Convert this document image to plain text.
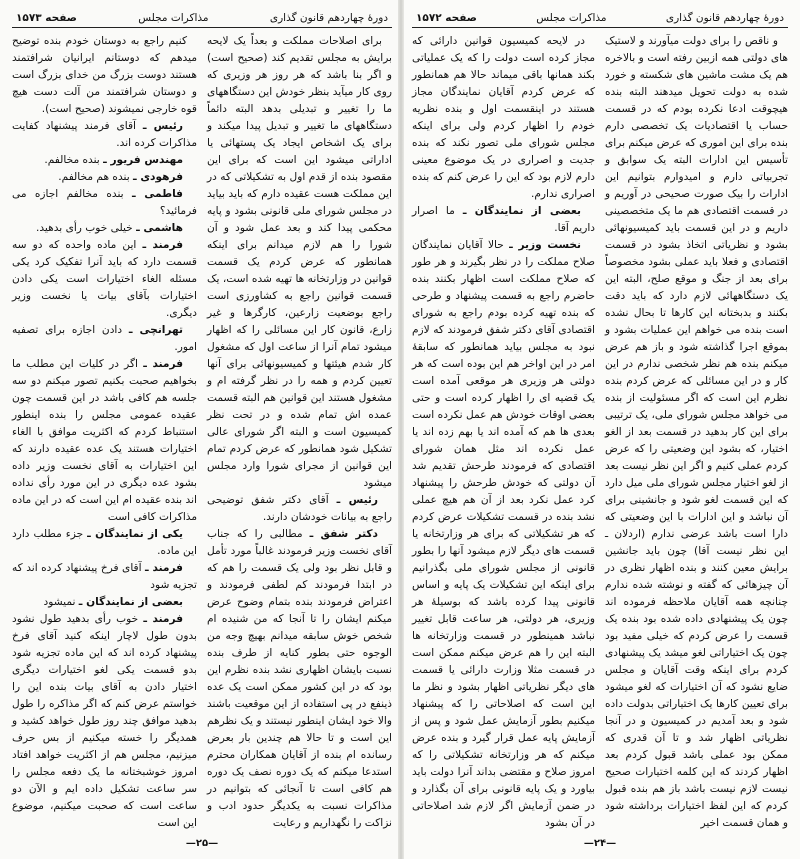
دورهٔ چهاردهم قانون گذاری
مذاکرات مجلس
صفحه ۱۵۷۳

برای اصلاحات مملکت و بعداً یک لایحه برایش به مجلس تقدیم کند (صحیح است) و اگر بنا باشد که هر روز هر وزیری که روی کار میآید بنظر خودش این دستگاههای ما را تغییر و تبدیلی بدهد البته دائماً دستگاههای ما تغییر و تبدیل پیدا میکند و برای یک اشخاص ایجاد یک پستهائی یا اداراتی میشود این است که برای این مقصود بنده از قدم اول به تشکیلاتی که در این مملکت هست عقیده دارم که باید بیاید در مجلس شورای ملی قانونی بشود و پایه محکمی پیدا کند و بعد عمل شود و آن شورا را هم لازم میدانم برای اینکه همانطور که عرض کردم یک قسمت قوانین در وزارتخانه ها تهیه شده است، یک قسمت قوانین راجع به کشاورزی است راجع بوضعیت زارعین، کارگرها و غیر زارع، قانون کار این مسائلی را که اظهار میشود تمام آنرا از ساعت اول که مشغول کار شدم هیئتها و کمیسیونهائی برای آنها تعیین کردم و همه را در نظر گرفته ام و مشغول هستند این قوانین هم البته قسمت عمده اش تمام شده و در تحت نظر کمیسیون است و البته اگر شورای عالی تشکیل شود همانطور که عرض کردم تمام این قوانین از مجرای شورا وارد مجلس میشود

رئیس ـ آقای دکتر شفق توضیحی راجع به بیانات خودشان دارند.

دکتر شفق ـ مطالبی را که جناب آقای نخست وزیر فرمودند غالباً مورد تأمل و قابل نظر بود ولی یک قسمت را هم که در ابتدا فرمودند کم لطفی فرمودند و اعتراض فرمودند بنده بتمام وضوح عرض میکنم ایشان را تا آنجا که من شنیده ام شخص خوش سابقه میدانم بهیچ وجه من الوجوه حتی بطور کنایه از طرف بنده نسبت بایشان اظهاری نشد بنده نظرم این بود که در این کشور ممکن است یک عده ذینفع در پی استفاده از این موقعیت باشند والا خود ایشان اینطور نیستند و یک نظرهم این است و تا حالا هم چندین بار بعرض رسانده ام بنده از آقایان همکاران محترم استدعا میکنم که یک دوره نصف یک دوره هم کافی است تا آنجائی که بتوانیم در مذاکرات نسبت به یکدیگر حدود ادب و نزاکت را نگهداریم و رعایت

کنیم راجع به دوستان خودم بنده توضیح میدهم که دوستانم ایرانیان شرافتمند هستند دوست بزرگ من خدای بزرگ است و دوستان شرافتمند من آلت دست هیچ قوه خارجی نمیشوند (صحیح است).

رئیس ـ آقای فرمند پیشنهاد کفایت مذاکرات کرده اند.

مهندس فریور ـ بنده مخالفم.

فرهودی ـ بنده هم مخالفم.

فاطمی ـ بنده مخالفم اجازه می فرمائید؟

هاشمی ـ خیلی خوب رأی بدهید.

فرمند ـ این ماده واحده که دو سه قسمت دارد که باید آنرا تفکیک کرد یکی مسئله الغاء اختیارات است یکی دادن اختیارات بآقای بیات یا نخست وزیر دیگری.

تهرانچی ـ دادن اجازه برای تصفیه امور.

فرمند ـ اگر در کلیات این مطلب ما بخواهیم صحبت بکنیم تصور میکنم دو سه جلسه هم کافی باشد در این قسمت چون عقیده عمومی مجلس را بنده اینطور استنباط کردم که اکثریت موافق با الغاء اختیارات هستند یک عده عقیده دارند که این اختیارات به آقای نخست وزیر داده بشود عده دیگری در این مورد رأی نداده اند بنده عقیده ام این است که در این ماده مذاکرات کافی است

یکی از نمایندگان ـ جزء مطلب دارد این ماده.

فرمند ـ آقای فرخ پیشنهاد کرده اند که تجزیه شود

بعضی از نمایندگان ـ نمیشود

فرمند ـ خوب رأی بدهید طول نشود بدون طول لاچار اینکه کنید آقای فرخ پیشنهاد کرده اند که این ماده تجزیه شود بدو قسمت یکی لغو اختیارات دیگری اختیار دادن به آقای بیات بنده این را خواستم عرض کنم که اگر مذاکره را طول بدهید موافق چند روز طول خواهد کشید و همدیگر را خسته میکنیم از بس حرف میزنیم، مجلس هم از اکثریت خواهد افتاد امروز خوشبختانه ما یک دفعه مجلس را سر ساعت تشکیل داده ایم و الآن دو ساعت است که صحبت میکنیم، موضوع این است

—۲۵—
دورهٔ چهاردهم قانون گذاری
مذاکرات مجلس
صفحه ۱۵۷۲

و ناقص را برای دولت میآورند و لاستیک های دولتی همه ازبین رفته است و بالاخره هم یک مشت ماشین های شکسته و خورد شده به دولت تحویل میدهند البته بنده هیچوقت ادعا نکرده بودم که در قسمت حساب یا اقتصادیات یک تخصصی دارم بنده برای این اموری که عرض میکنم برای تأسیس این ادارات البته یک سوابق و تجربیاتی دارم و امیدوارم بتوانیم این ادارات را بیک صورت صحیحی در آوریم و در قسمت اقتصادی هم ما یک متخصصینی داریم و در این قسمت باید کمیسیونهائی بشود و نظریاتی اتخاذ بشود در قسمت اقتصادی و فعلا باید عملی بشود مخصوصاً برای بعد از جنگ و موقع صلح، البته این یک دستگاههائی لازم دارد که باید دقت بکنند و بدبختانه این کارها تا بحال نشده است بنده می خواهم این عملیات بشود و بموقع اجرا گذاشته شود و باز هم عرض میکنم بنده هم نظر شخصی ندارم در این کار و در این مسائلی که عرض کردم بنده نظرم این است که اگر مسئولیت از بنده می خواهد مجلس شورای ملی، یک ترتیبی برای این کار بدهید در قسمت بعد از الغو اختیار، که بشود این وضعیتی را که عرض کردم عملی کنیم و اگر این نظر نیست بعد از لغو اختیار مجلس شورای ملی میل دارد که این قسمت لغو شود و جانشینی برای آن نباشد و این ادارات با این وضعیتی که دارا است باشد عرضی ندارم (اردلان ـ این نظر نیست آقا) چون باید جانشین برایش معین کنند و بنده اظهار نظری در آن چیزهائی که گفته و نوشته شده ندارم چنانچه همه آقایان ملاحظه فرموده اند چون یک پیشنهادی داده شده بود بنده یک قسمت را عرض کردم که خیلی مفید بود چون یک اختیاراتی لغو میشد یک پیشنهادی کردم برای اینکه وقت آقایان و مجلس ضایع نشود که آن اختیارات که لغو میشود برای تعیین کارها یک اختیاراتی بدولت داده شود و بعد آمدیم در کمیسیون و در آنجا نظریاتی اظهار شد و تا آن قدری که ممکن بود عملی باشد قبول کردم بعد اظهار کردند که این کلمه اختیارات صحیح نیست لازم نیست باشد باز هم بنده قبول کردم که این لفظ اختیارات برداشته شود و همان قسمت اخیر

در لایحه کمیسیون قوانین دارائی که مجاز کرده است دولت را که یک عملیاتی بکند همانها باقی میماند حالا هم همانطور که عرض کردم آقایان نمایندگان مجاز هستند در اینقسمت اول و بنده نظریه خودم را اظهار کردم ولی برای اینکه مجلس شورای ملی تصور نکند که بنده جدیت و اصراری در یک موضوع معینی دارم لازم بود که این را عرض کنم که بنده اصراری ندارم.

بعضی از نمایندگان ـ ما اصرار داریم آقا.

نخست وزیر ـ حالا آقایان نمایندگان صلاح مملکت را در نظر بگیرند و هر طور که صلاح مملکت است اظهار بکنند بنده حاضرم راجع به قسمت پیشنهاد و طرحی که بنده تهیه کرده بودم راجع به شورای اقتصادی آقای دکتر شفق فرمودند که لازم نبود به مجلس بیاید همانطور که سابقهٔ امر در این اواخر هم این بوده است که هر دولتی هر وزیری هر موقعی آمده است یک قضیه ای را اظهار کرده است و حتی بعضی اوقات خودش هم عمل نکرده است بعدی ها هم که آمده اند یا بهم زده اند یا عمل نکرده اند مثل همان شورای اقتصادی که فرمودند طرحش تقدیم شد آن دولتی که خودش طرحش را پیشنهاد کرد عمل نکرد بعد از آن هم هیچ عملی نشد بنده در قسمت تشکیلات عرض کردم که هر تشکیلاتی که برای هر وزارتخانه یا قسمت های دیگر لازم میشود آنها را بطور قانونی از مجلس شورای ملی بگذرانیم برای اینکه این تشکیلات یک پایه و اساس قانونی پیدا کرده باشد که بوسیلهٔ هر وزیری، هر دولتی، هر ساعت قابل تغییر نباشد همینطور در قسمت وزارتخانه ها البته این را هم عرض میکنم ممکن است در قسمت مثلا وزارت دارائی یا قسمت های دیگر نظریاتی اظهار بشود و نظر ما این است که اصلاحاتی را که پیشنهاد میکنیم بطور آزمایش عمل شود و پس از آزمایش پایه عمل قرار گیرد و بنده عرض میکنم که هر وزارتخانه تشکیلاتی را که امروز صلاح و مقتضی بداند آنرا دولت باید بیاورد و یک پایه قانونی برای آن بگذارد و در ضمن آزمایش اگر لازم شد اصلاحاتی در آن بشود

—۲۴—
